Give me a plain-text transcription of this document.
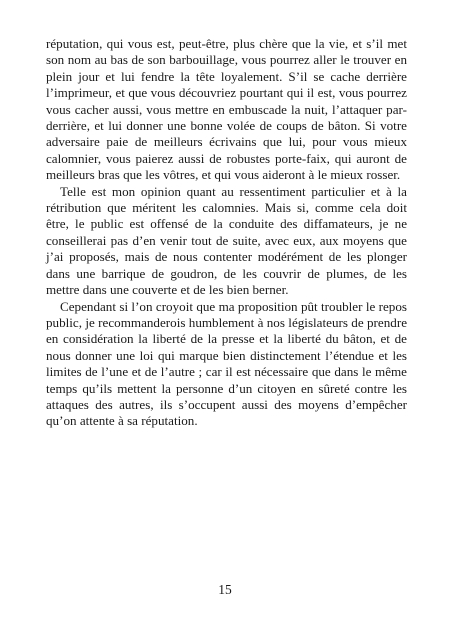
réputation, qui vous est, peut-être, plus chère que la vie, et s’il met son nom au bas de son barbouillage, vous pourrez aller le trouver en plein jour et lui fendre la tête loyalement. S’il se cache derrière l’imprimeur, et que vous découvriez pourtant qui il est, vous pourrez vous cacher aussi, vous mettre en embuscade la nuit, l’attaquer par-derrière, et lui donner une bonne volée de coups de bâton. Si votre adversaire paie de meilleurs écrivains que lui, pour vous mieux calomnier, vous paierez aussi de robustes porte-faix, qui auront de meilleurs bras que les vôtres, et qui vous aideront à le mieux rosser.

Telle est mon opinion quant au ressentiment particulier et à la rétribution que méritent les calomnies. Mais si, comme cela doit être, le public est offensé de la conduite des diffamateurs, je ne conseillerai pas d’en venir tout de suite, avec eux, aux moyens que j’ai proposés, mais de nous contenter modérément de les plonger dans une barrique de goudron, de les couvrir de plumes, de les mettre dans une couverte et de les bien berner.

Cependant si l’on croyoit que ma proposition pût troubler le repos public, je recommanderois humblement à nos législateurs de prendre en considération la liberté de la presse et la liberté du bâton, et de nous donner une loi qui marque bien distinctement l’étendue et les limites de l’une et de l’autre ; car il est nécessaire que dans le même temps qu’ils mettent la personne d’un citoyen en sûreté contre les attaques des autres, ils s’occupent aussi des moyens d’empêcher qu’on attente à sa réputation.

15
